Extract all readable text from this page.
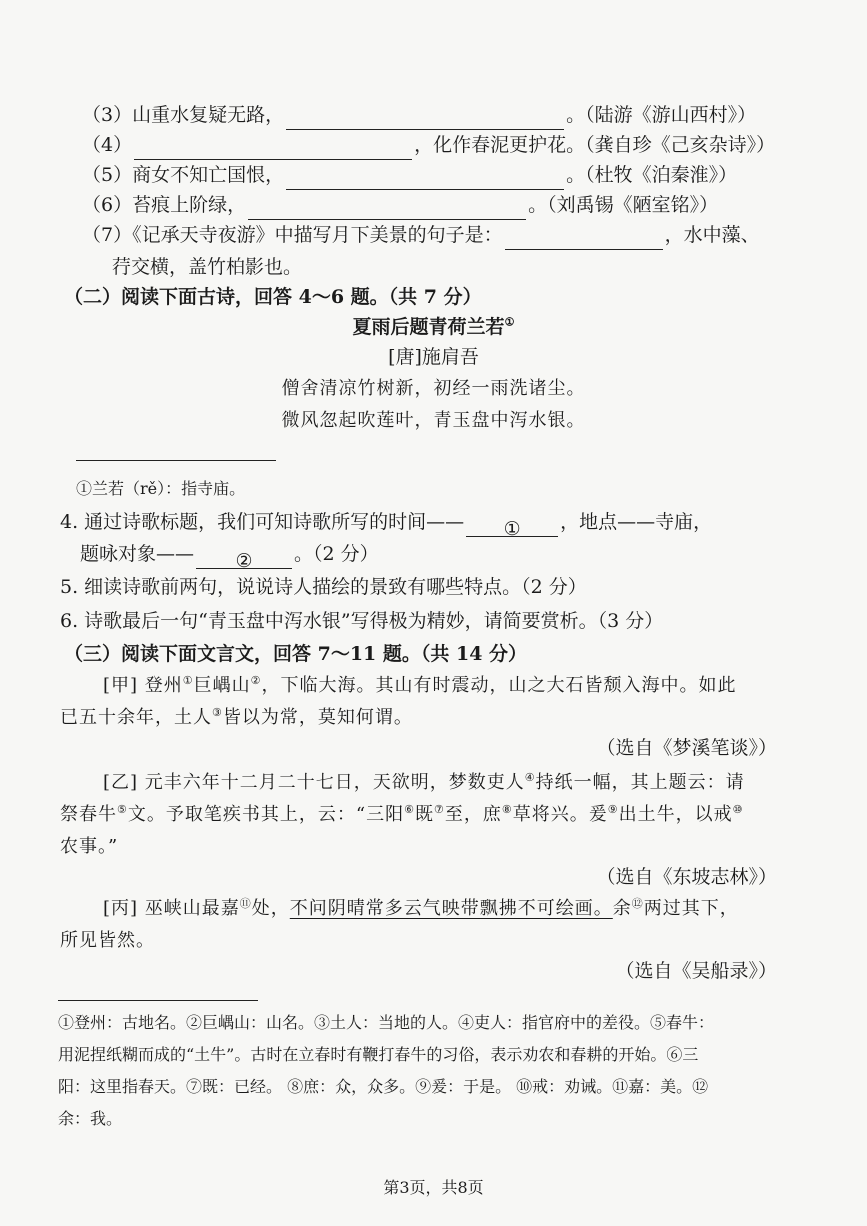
（3）山重水复疑无路，	。（陆游《游山西村》）
（4）	，化作春泥更护花。（龚自珍《己亥杂诗》）
（5）商女不知亡国恨，	。（杜牧《泊秦淮》）
（6）苔痕上阶绿，	。（刘禹锡《陋室铭》）
（7）《记承天寺夜游》中描写月下美景的句子是：	，水中藻、
荇交横，盖竹柏影也。
（二）阅读下面古诗，回答 4～6 题。（共 7 分）
夏雨后题青荷兰若①
[唐]施肩吾
僧舍清凉竹树新，初经一雨洗诸尘。
微风忽起吹莲叶，青玉盘中泻水银。
①兰若（rě）：指寺庙。
4. 通过诗歌标题，我们可知诗歌所写的时间—— ① ，地点——寺庙，
题咏对象—— ② 。（2 分）
5. 细读诗歌前两句，说说诗人描绘的景致有哪些特点。（2 分）
6. 诗歌最后一句“青玉盘中泻水银”写得极为精妙，请简要赏析。（3 分）
（三）阅读下面文言文，回答 7～11 题。（共 14 分）
[甲] 登州①巨嵎山②，下临大海。其山有时震动，山之大石皆颓入海中。如此
已五十余年，土人③皆以为常，莫知何谓。
（选自《梦溪笔谈》）
[乙] 元丰六年十二月二十七日，天欲明，梦数吏人④持纸一幅，其上题云：请
祭春牛⑤文。予取笔疾书其上，云：“三阳⑥既⑦至，庶⑧草将兴。爰⑨出土牛，以戒⑩
农事。”
（选自《东坡志林》）
[丙] 巫峡山最嘉⑪处，不问阴晴常多云气映带飘拂不可绘画。余⑫两过其下，
所见皆然。
（选自《吴船录》）
①登州：古地名。②巨嵎山：山名。③土人：当地的人。④吏人：指官府中的差役。⑤春牛：
用泥捏纸糊而成的“土牛”。古时在立春时有鞭打春牛的习俗，表示劝农和春耕的开始。⑥三
阳：这里指春天。⑦既：已经。 ⑧庶：众，众多。⑨爰：于是。 ⑩戒：劝诫。⑪嘉：美。⑫
余：我。
第3页，共8页
